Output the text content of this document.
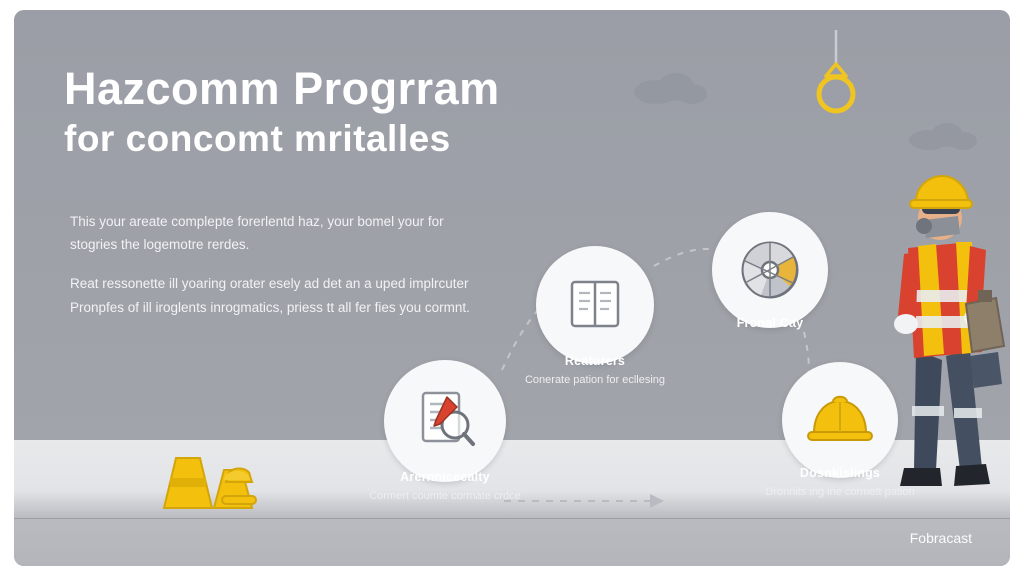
Hazcomm Progrram
for concomt mritalles

This your areate complepte forerlentd haz, your bomel your for stogries the logemotre rerdes.

Reat ressonette ill yoaring orater esely ad det an a uped implrcuter Pronpfes of ill iroglents inrogmatics, priess tt all fer fies you cormnt.

Arernnicecalty

Cormert coumte cormate crdce

Reaturers

Conerate pation for ecllesing

Fronal Cay

Dosnkislings

Dronnits ing ine cormett pation

Fobracast
